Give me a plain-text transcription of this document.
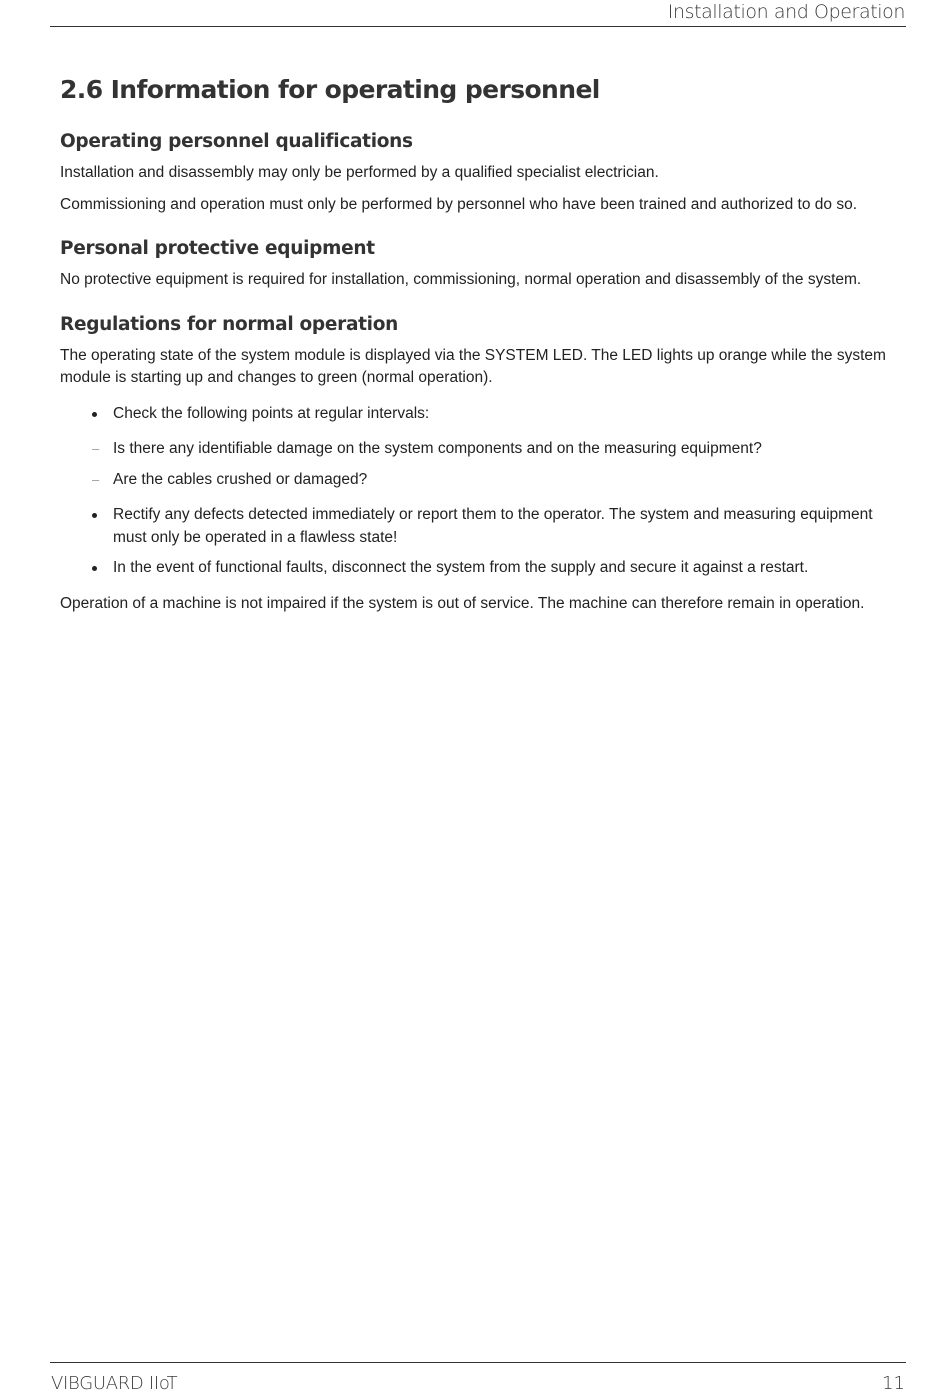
Installation and Operation
2.6 Information for operating personnel
Operating personnel qualifications

Installation and disassembly may only be performed by a qualified specialist electrician.

Commissioning and operation must only be performed by personnel who have been trained and authorized to do so.

Personal protective equipment

No protective equipment is required for installation, commissioning, normal operation and disassembly of the system.

Regulations for normal operation

The operating state of the system module is displayed via the SYSTEM LED. The LED lights up orange while the system module is starting up and changes to green (normal operation).

Check the following points at regular intervals:
– Is there any identifiable damage on the system components and on the measuring equipment?
– Are the cables crushed or damaged?
Rectify any defects detected immediately or report them to the operator. The system and measuring equipment must only be operated in a flawless state!
In the event of functional faults, disconnect the system from the supply and secure it against a restart.

Operation of a machine is not impaired if the system is out of service. The machine can therefore remain in operation.

VIBGUARD IIoT	11
